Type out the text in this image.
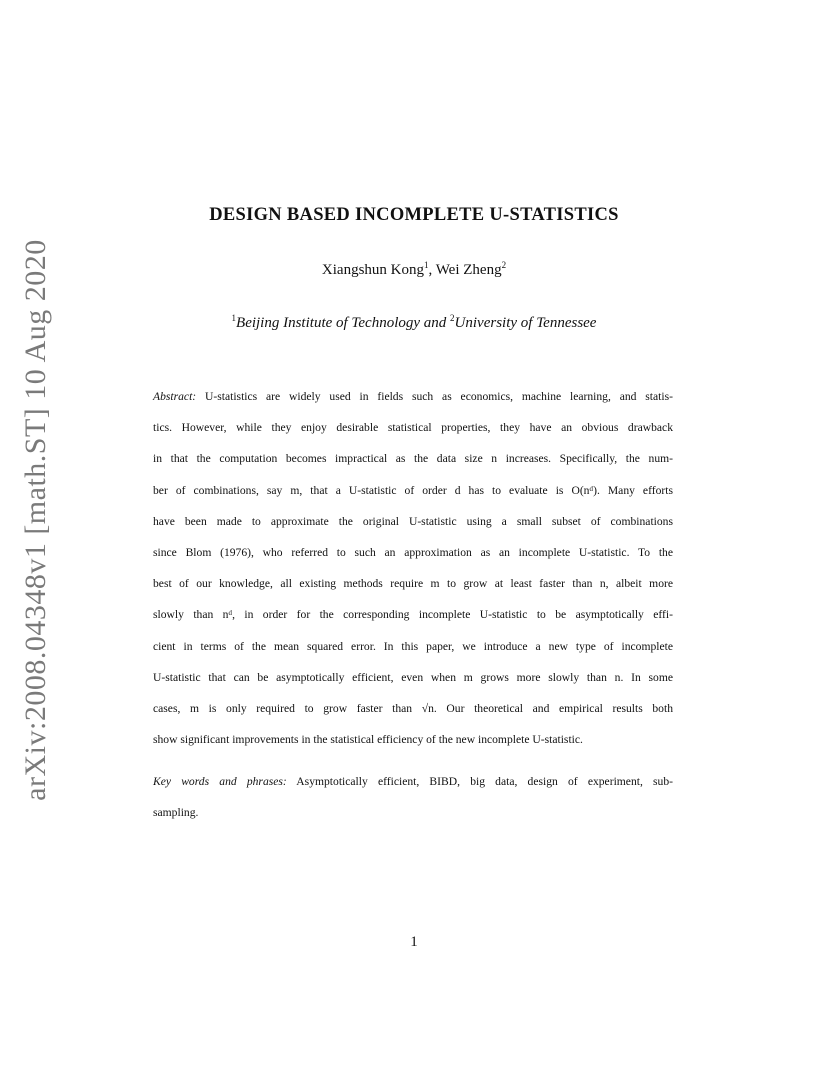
arXiv:2008.04348v1 [math.ST] 10 Aug 2020
DESIGN BASED INCOMPLETE U-STATISTICS
Xiangshun Kong$^1$, Wei Zheng$^2$
$^1$Beijing Institute of Technology and $^2$University of Tennessee
Abstract: U-statistics are widely used in fields such as economics, machine learning, and statis-
tics. However, while they enjoy desirable statistical properties, they have an obvious drawback
in that the computation becomes impractical as the data size n increases. Specifically, the num-
ber of combinations, say m, that a U-statistic of order d has to evaluate is O(nᵈ). Many efforts
have been made to approximate the original U-statistic using a small subset of combinations
since Blom (1976), who referred to such an approximation as an incomplete U-statistic. To the
best of our knowledge, all existing methods require m to grow at least faster than n, albeit more
slowly than nᵈ, in order for the corresponding incomplete U-statistic to be asymptotically effi-
cient in terms of the mean squared error. In this paper, we introduce a new type of incomplete
U-statistic that can be asymptotically efficient, even when m grows more slowly than n. In some
cases, m is only required to grow faster than √n. Our theoretical and empirical results both
show significant improvements in the statistical efficiency of the new incomplete U-statistic.
Key words and phrases: Asymptotically efficient, BIBD, big data, design of experiment, sub-
sampling.
1
